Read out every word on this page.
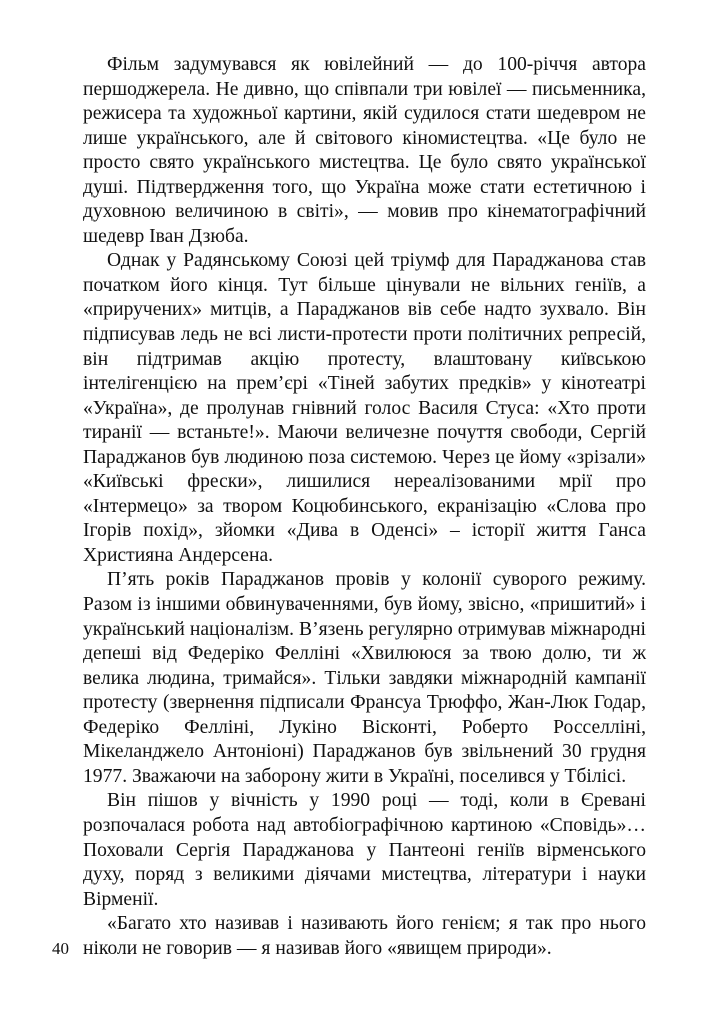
Фільм задумувався як ювілейний — до 100-річчя автора першоджерела. Не дивно, що співпали три ювілеї — письменника, режисера та художньої картини, якій судилося стати шедевром не лише українського, але й світового кіномистецтва. «Це було не просто свято українського мистецтва. Це було свято української душі. Підтвердження того, що Україна може стати естетичною і духовною величиною в світі», — мовив про кінематографічний шедевр Іван Дзюба.

Однак у Радянському Союзі цей тріумф для Параджанова став початком його кінця. Тут більше цінували не вільних геніїв, а «приручених» митців, а Параджанов вів себе надто зухвало. Він підписував ледь не всі листи-протести проти політичних репресій, він підтримав акцію протесту, влаштовану київською інтелігенцією на прем’єрі «Тіней забутих предків» у кінотеатрі «Україна», де пролунав гнівний голос Василя Стуса: «Хто проти тиранії — встаньте!». Маючи величезне почуття свободи, Сергій Параджанов був людиною поза системою. Через це йому «зрізали» «Київські фрески», лишилися нереалізованими мрії про «Інтермецо» за твором Коцюбинського, екранізацію «Слова про Ігорів похід», зйомки «Дива в Оденсі» – історії життя Ганса Християна Андерсена.

П’ять років Параджанов провів у колонії суворого режиму. Разом із іншими обвинуваченнями, був йому, звісно, «пришитий» і український націоналізм. В’язень регулярно отримував міжнародні депеші від Федеріко Фелліні «Хвилююся за твою долю, ти ж велика людина, тримайся». Тільки завдяки міжнародній кампанії протесту (звернення підписали Франсуа Трюффо, Жан-Люк Годар, Федеріко Фелліні, Лукіно Вісконті, Роберто Росселліні, Мікеланджело Антоніоні) Параджанов був звільнений 30 грудня 1977. Зважаючи на заборону жити в Україні, поселився у Тбілісі.

Він пішов у вічність у 1990 році — тоді, коли в Єревані розпочалася робота над автобіографічною картиною «Сповідь»… Поховали Сергія Параджанова у Пантеоні геніїв вірменського духу, поряд з великими діячами мистецтва, літератури і науки Вірменії.

«Багато хто називав і називають його генієм; я так про нього ніколи не говорив — я називав його «явищем природи».

40
